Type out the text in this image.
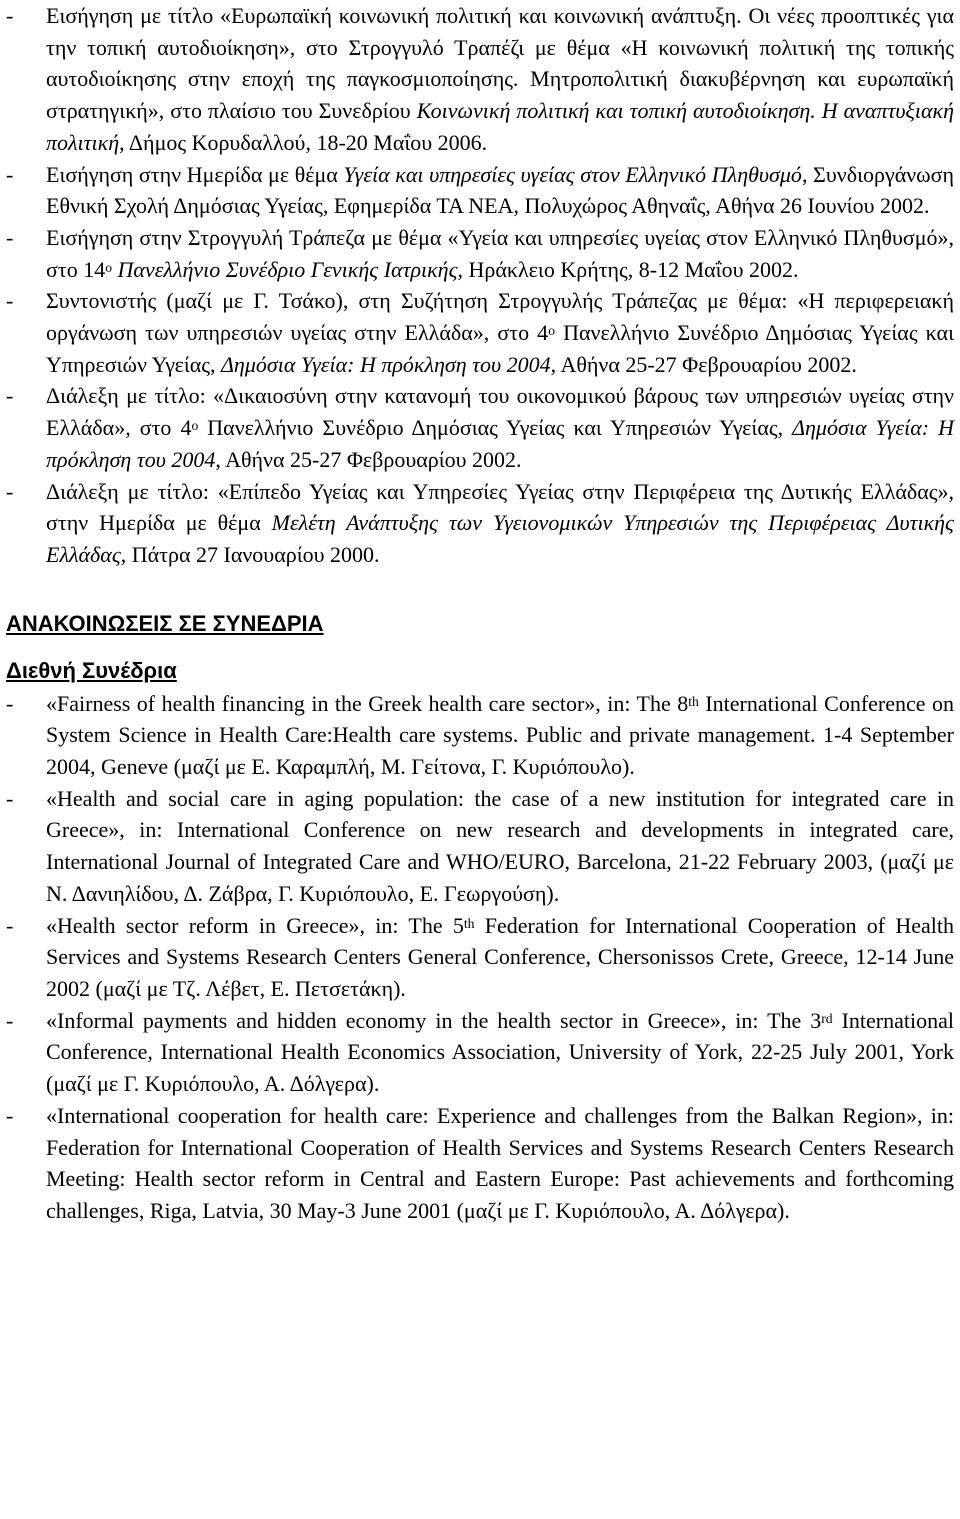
- Εισήγηση με τίτλο «Ευρωπαϊκή κοινωνική πολιτική και κοινωνική ανάπτυξη. Οι νέες προοπτικές για την τοπική αυτοδιοίκηση», στο Στρογγυλό Τραπέζι με θέμα «Η κοινωνική πολιτική της τοπικής αυτοδιοίκησης στην εποχή της παγκοσμιοποίησης. Μητροπολιτική διακυβέρνηση και ευρωπαϊκή στρατηγική», στο πλαίσιο του Συνεδρίου Κοινωνική πολιτική και τοπική αυτοδιοίκηση. Η αναπτυξιακή πολιτική, Δήμος Κορυδαλλού, 18-20 Μαΐου 2006.
- Εισήγηση στην Ημερίδα με θέμα Υγεία και υπηρεσίες υγείας στον Ελληνικό Πληθυσμό, Συνδιοργάνωση Εθνική Σχολή Δημόσιας Υγείας, Εφημερίδα ΤΑ ΝΕΑ, Πολυχώρος Αθηναΐς, Αθήνα 26 Ιουνίου 2002.
- Εισήγηση στην Στρογγυλή Τράπεζα με θέμα «Υγεία και υπηρεσίες υγείας στον Ελληνικό Πληθυσμό», στο $14^o$ Πανελλήνιο Συνέδριο Γενικής Ιατρικής, Ηράκλειο Κρήτης, 8-12 Μαΐου 2002.
- Συντονιστής (μαζί με Γ. Τσάκο), στη Συζήτηση Στρογγυλής Τράπεζας με θέμα: «Η περιφερειακή οργάνωση των υπηρεσιών υγείας στην Ελλάδα», στο $4^o$ Πανελλήνιο Συνέδριο Δημόσιας Υγείας και Υπηρεσιών Υγείας, Δημόσια Υγεία: Η πρόκληση του 2004, Αθήνα 25-27 Φεβρουαρίου 2002.
- Διάλεξη με τίτλο: «Δικαιοσύνη στην κατανομή του οικονομικού βάρους των υπηρεσιών υγείας στην Ελλάδα», στο $4^o$ Πανελλήνιο Συνέδριο Δημόσιας Υγείας και Υπηρεσιών Υγείας, Δημόσια Υγεία: Η πρόκληση του 2004, Αθήνα 25-27 Φεβρουαρίου 2002.
- Διάλεξη με τίτλο: «Επίπεδο Υγείας και Υπηρεσίες Υγείας στην Περιφέρεια της Δυτικής Ελλάδας», στην Ημερίδα με θέμα Μελέτη Ανάπτυξης των Υγειονομικών Υπηρεσιών της Περιφέρειας Δυτικής Ελλάδας, Πάτρα 27 Ιανουαρίου 2000.
ΑΝΑΚΟΙΝΩΣΕΙΣ ΣΕ ΣΥΝΕΔΡΙΑ
Διεθνή Συνέδρια
- «Fairness of health financing in the Greek health care sector», in: The 8th International Conference on System Science in Health Care:Health care systems. Public and private management. 1-4 September 2004, Geneve (μαζί με Ε. Καραμπλή, Μ. Γείτονα, Γ. Κυριόπουλο).
- «Health and social care in aging population: the case of a new institution for integrated care in Greece», in: International Conference on new research and developments in integrated care, International Journal of Integrated Care and WHO/EURO, Barcelona, 21-22 February 2003, (μαζί με Ν. Δανιηλίδου, Δ. Ζάβρα, Γ. Κυριόπουλο, Ε. Γεωργούση).
- «Health sector reform in Greece», in: The 5th Federation for International Cooperation of Health Services and Systems Research Centers General Conference, Chersonissos Crete, Greece, 12-14 June 2002 (μαζί με Τζ. Λέβετ, Ε. Πετσετάκη).
- «Informal payments and hidden economy in the health sector in Greece», in: The 3rd International Conference, International Health Economics Association, University of York, 22-25 July 2001, York (μαζί με Γ. Κυριόπουλο, Α. Δόλγερα).
- «International cooperation for health care: Experience and challenges from the Balkan Region», in: Federation for International Cooperation of Health Services and Systems Research Centers Research Meeting: Health sector reform in Central and Eastern Europe: Past achievements and forthcoming challenges, Riga, Latvia, 30 May-3 June 2001 (μαζί με Γ. Κυριόπουλο, Α. Δόλγερα).
